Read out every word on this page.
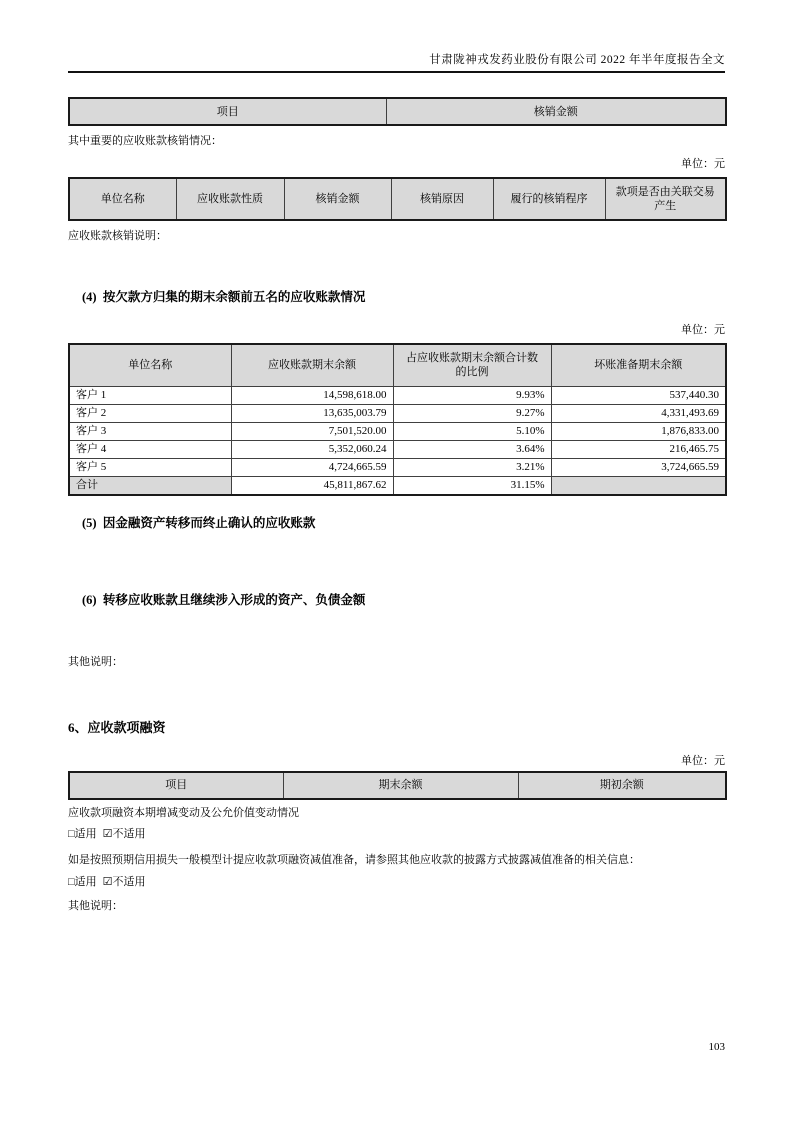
甘肃陇神戎发药业股份有限公司 2022 年半年度报告全文
项目	核销金额

其中重要的应收账款核销情况：

单位：元

单位名称	应收账款性质	核销金额	核销原因	履行的核销程序	款项是否由关联交易产生

应收账款核销说明：

(4)  按欠款方归集的期末余额前五名的应收账款情况

单位：元

单位名称	应收账款期末余额	占应收账款期末余额合计数的比例	坏账准备期末余额
客户 1	14,598,618.00	9.93%	537,440.30
客户 2	13,635,003.79	9.27%	4,331,493.69
客户 3	7,501,520.00	5.10%	1,876,833.00
客户 4	5,352,060.24	3.64%	216,465.75
客户 5	4,724,665.59	3.21%	3,724,665.59
合计	45,811,867.62	31.15%	
(5)  因金融资产转移而终止确认的应收账款
(6)  转移应收账款且继续涉入形成的资产、负债金额

其他说明：

6、应收款项融资

单位：元

项目	期末余额	期初余额

应收款项融资本期增减变动及公允价值变动情况

□适用 ☑不适用

如是按照预期信用损失一般模型计提应收款项融资减值准备，请参照其他应收款的披露方式披露减值准备的相关信息：

□适用 ☑不适用

其他说明：

103
